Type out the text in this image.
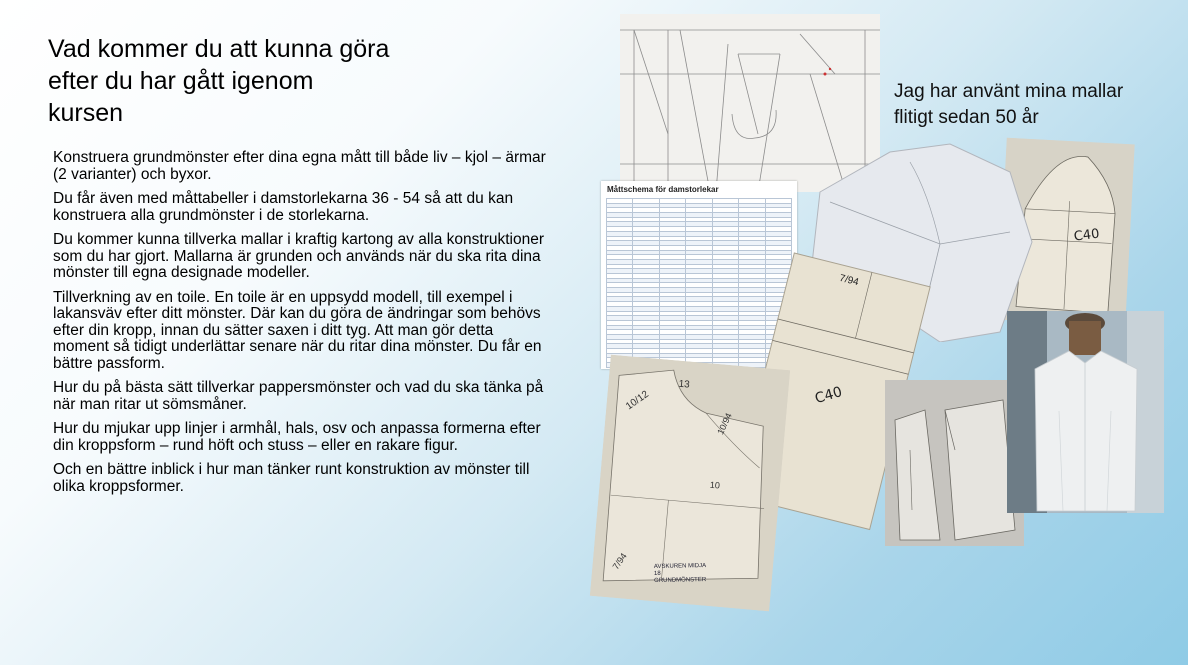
Vad kommer du att kunna göra
efter du har gått igenom
kursen

Konstruera grundmönster efter dina egna mått till både liv – kjol – ärmar (2 varianter) och byxor.

Du får även med måttabeller i damstorlekarna 36 - 54 så att du kan konstruera alla grundmönster i de storlekarna.

Du kommer kunna tillverka mallar i kraftig kartong av alla konstruktioner som du har gjort. Mallarna är grunden och används när du ska rita dina mönster till egna designade modeller.

Tillverkning av en toile. En toile är en uppsydd modell, till exempel i lakansväv efter ditt mönster. Där kan du göra de ändringar som behövs efter din kropp, innan du sätter saxen i ditt tyg. Att man gör detta moment så tidigt underlättar senare när du ritar dina mönster. Du får en bättre passform.

Hur du på bästa sätt tillverkar pappersmönster och vad du ska tänka på när man ritar ut sömsmåner.

Hur du mjukar upp linjer i armhål, hals, osv och anpassa formerna efter din kroppsform – rund höft och stuss – eller en rakare figur.

Och en bättre inblick i hur man tänker runt konstruktion av mönster till olika kroppsformer.

Jag har använt mina mallar
flitigt sedan 50 år
C40
Måttschema för damstorlekar

C40
7/94
10/12
13
10/94
10
7/94	AVSKUREN MIDJA
18
GRUNDMÖNSTER
